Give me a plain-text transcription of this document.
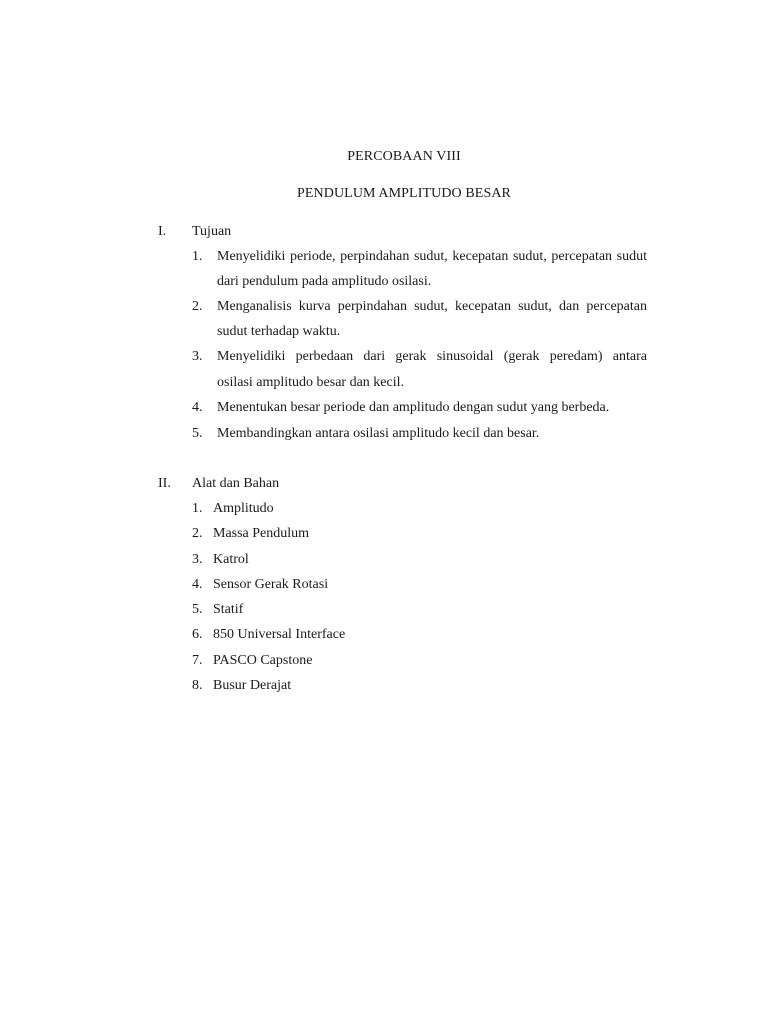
PERCOBAAN VIII
PENDULUM AMPLITUDO BESAR
I. Tujuan
1.	Menyelidiki periode, perpindahan sudut, kecepatan sudut, percepatan sudut
dari pendulum pada amplitudo osilasi.
2.	Menganalisis kurva perpindahan sudut, kecepatan sudut, dan percepatan
sudut terhadap waktu.
3.	Menyelidiki perbedaan dari gerak sinusoidal (gerak peredam) antara
osilasi amplitudo besar dan kecil.
4.	Menentukan besar periode dan amplitudo dengan sudut yang berbeda.
5.	Membandingkan antara osilasi amplitudo kecil dan besar.
II. Alat dan Bahan
1. Amplitudo
2. Massa Pendulum
3. Katrol
4. Sensor Gerak Rotasi
5. Statif
6. 850 Universal Interface
7. PASCO Capstone
8. Busur Derajat
